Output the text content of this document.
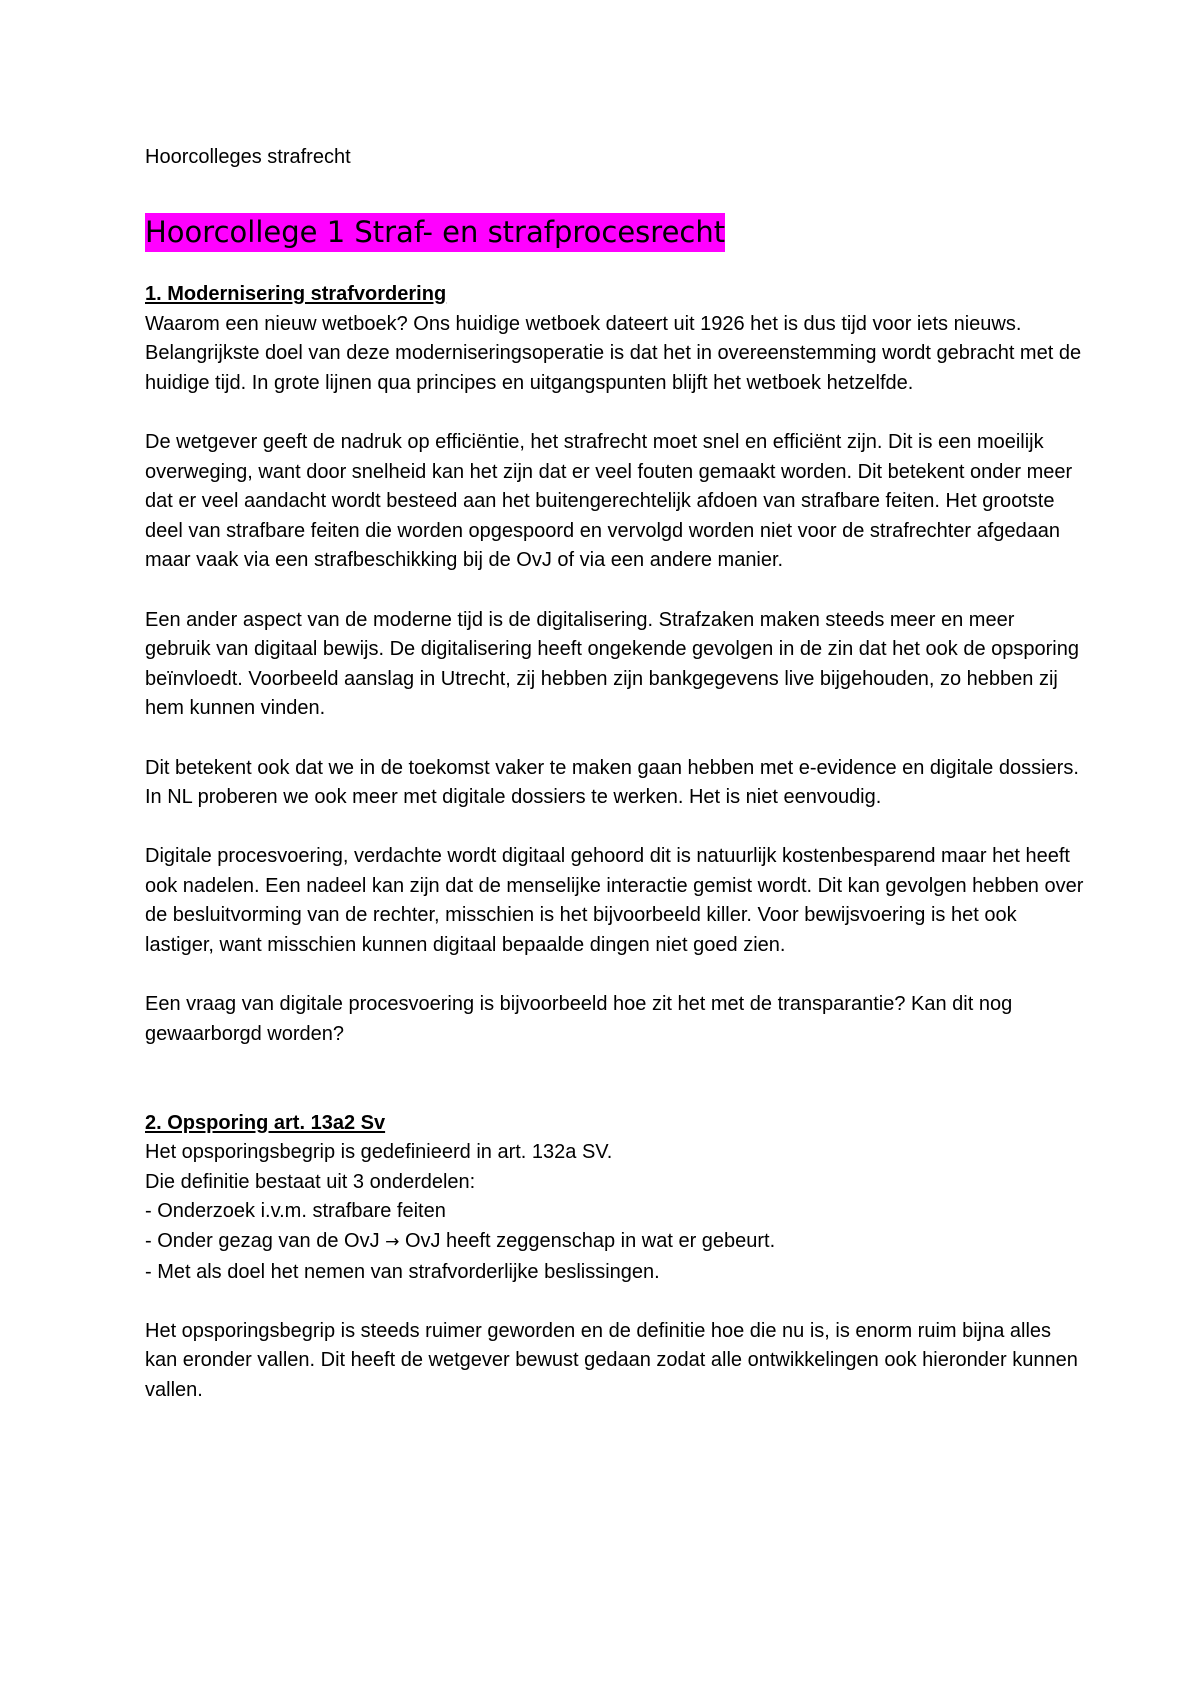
Hoorcolleges strafrecht

Hoorcollege 1 Straf- en strafprocesrecht

1. Modernisering strafvordering

Waarom een nieuw wetboek? Ons huidige wetboek dateert uit 1926 het is dus tijd voor iets nieuws. Belangrijkste doel van deze moderniseringsoperatie is dat het in overeenstemming wordt gebracht met de huidige tijd. In grote lijnen qua principes en uitgangspunten blijft het wetboek hetzelfde.

De wetgever geeft de nadruk op efficiëntie, het strafrecht moet snel en efficiënt zijn. Dit is een moeilijk overweging, want door snelheid kan het zijn dat er veel fouten gemaakt worden. Dit betekent onder meer dat er veel aandacht wordt besteed aan het buitengerechtelijk afdoen van strafbare feiten. Het grootste deel van strafbare feiten die worden opgespoord en vervolgd worden niet voor de strafrechter afgedaan maar vaak via een strafbeschikking bij de OvJ of via een andere manier.

Een ander aspect van de moderne tijd is de digitalisering. Strafzaken maken steeds meer en meer gebruik van digitaal bewijs. De digitalisering heeft ongekende gevolgen in de zin dat het ook de opsporing beïnvloedt. Voorbeeld aanslag in Utrecht, zij hebben zijn bankgegevens live bijgehouden, zo hebben zij hem kunnen vinden.

Dit betekent ook dat we in de toekomst vaker te maken gaan hebben met e-evidence en digitale dossiers. In NL proberen we ook meer met digitale dossiers te werken. Het is niet eenvoudig.

Digitale procesvoering, verdachte wordt digitaal gehoord dit is natuurlijk kostenbesparend maar het heeft ook nadelen. Een nadeel kan zijn dat de menselijke interactie gemist wordt. Dit kan gevolgen hebben over de besluitvorming van de rechter, misschien is het bijvoorbeeld killer. Voor bewijsvoering is het ook lastiger, want misschien kunnen digitaal bepaalde dingen niet goed zien.

Een vraag van digitale procesvoering is bijvoorbeeld hoe zit het met de transparantie? Kan dit nog gewaarborgd worden?

2. Opsporing art. 13a2 Sv

Het opsporingsbegrip is gedefinieerd in art. 132a SV.

Die definitie bestaat uit 3 onderdelen:

- Onderzoek i.v.m. strafbare feiten

- Onder gezag van de OvJ → OvJ heeft zeggenschap in wat er gebeurt.

- Met als doel het nemen van strafvorderlijke beslissingen.

Het opsporingsbegrip is steeds ruimer geworden en de definitie hoe die nu is, is enorm ruim bijna alles kan eronder vallen. Dit heeft de wetgever bewust gedaan zodat alle ontwikkelingen ook hieronder kunnen vallen.
